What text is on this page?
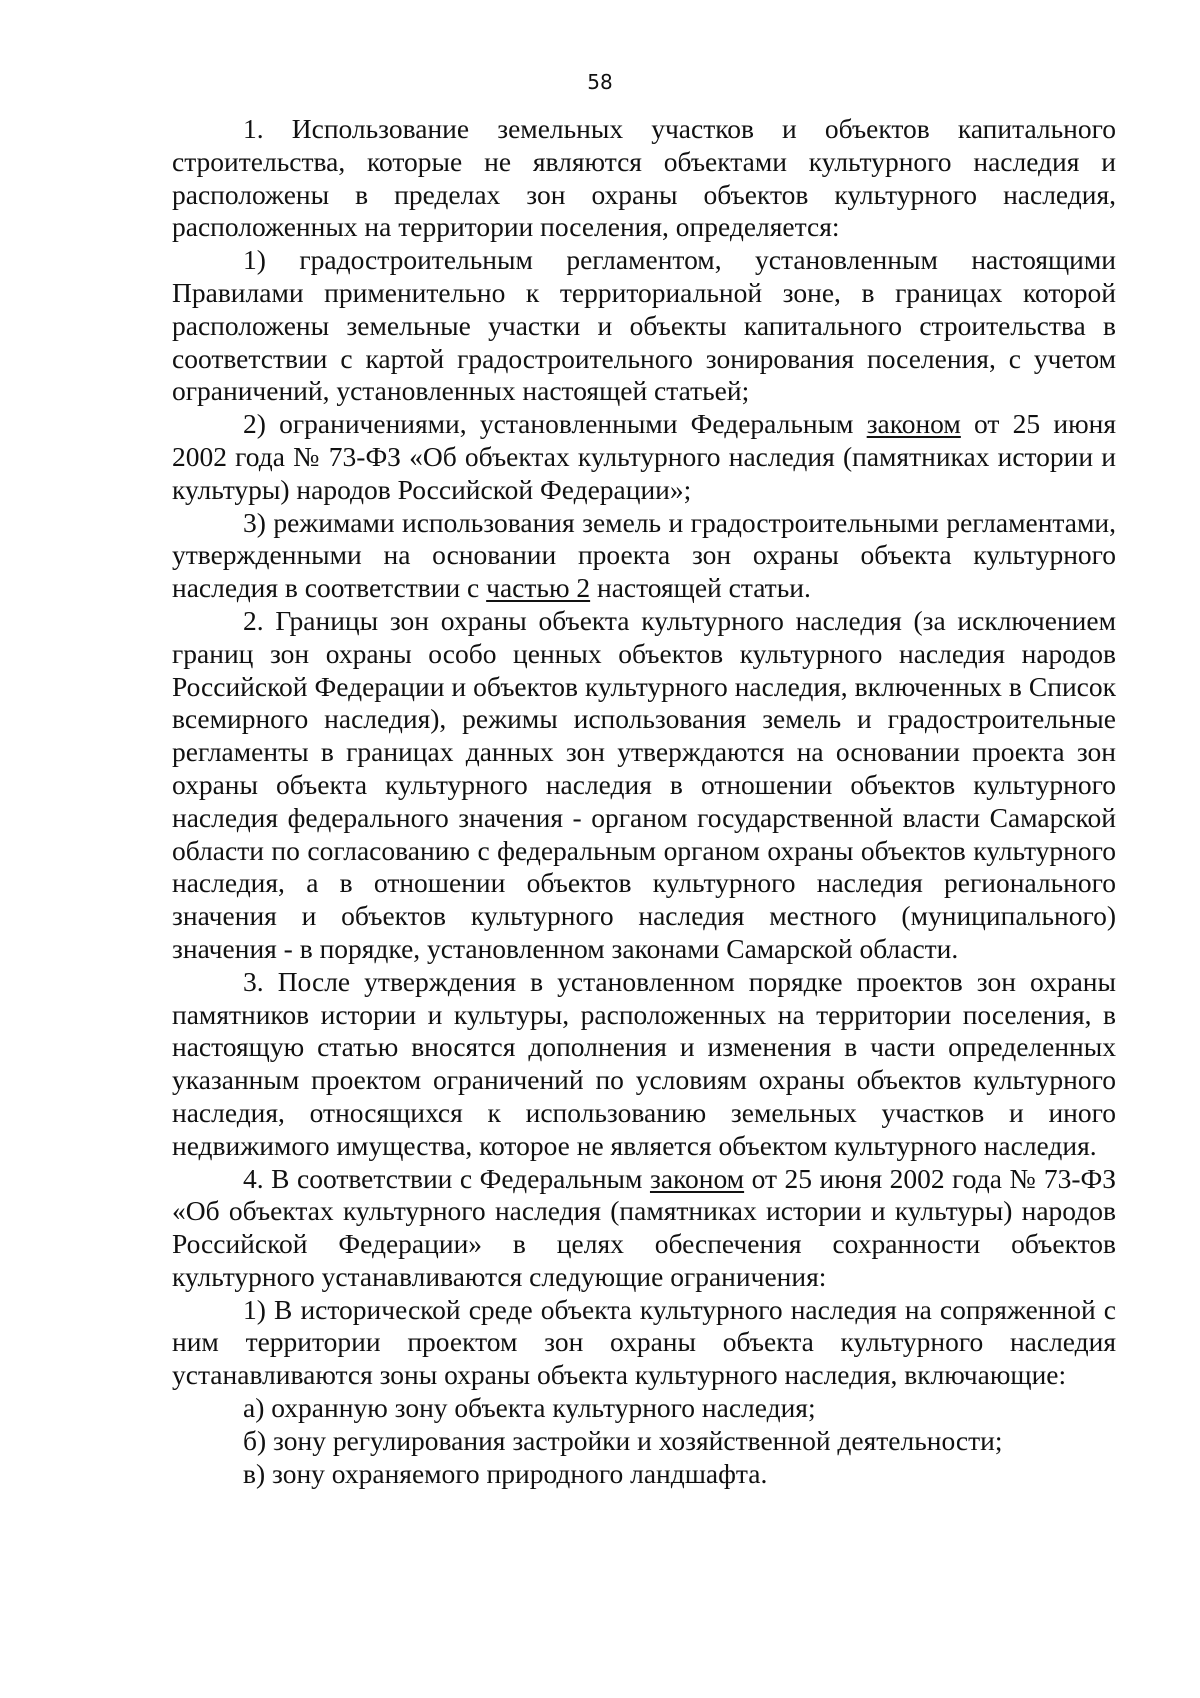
58

1. Использование земельных участков и объектов капитального строительства, которые не являются объектами культурного наследия и расположены в пределах зон охраны объектов культурного наследия, расположенных на территории поселения, определяется:

1) градостроительным регламентом, установленным настоящими Правилами применительно к территориальной зоне, в границах которой расположены земельные участки и объекты капитального строительства в соответствии с картой градостроительного зонирования поселения, с учетом ограничений, установленных настоящей статьей;

2) ограничениями, установленными Федеральным законом от 25 июня 2002 года № 73-ФЗ «Об объектах культурного наследия (памятниках истории и культуры) народов Российской Федерации»;

3) режимами использования земель и градостроительными регламентами, утвержденными на основании проекта зон охраны объекта культурного наследия в соответствии с частью 2 настоящей статьи.

2. Границы зон охраны объекта культурного наследия (за исключением границ зон охраны особо ценных объектов культурного наследия народов Российской Федерации и объектов культурного наследия, включенных в Список всемирного наследия), режимы использования земель и градостроительные регламенты в границах данных зон утверждаются на основании проекта зон охраны объекта культурного наследия в отношении объектов культурного наследия федерального значения - органом государственной власти Самарской области по согласованию с федеральным органом охраны объектов культурного наследия, а в отношении объектов культурного наследия регионального значения и объектов культурного наследия местного (муниципального) значения - в порядке, установленном законами Самарской области.

3. После утверждения в установленном порядке проектов зон охраны памятников истории и культуры, расположенных на территории поселения, в настоящую статью вносятся дополнения и изменения в части определенных указанным проектом ограничений по условиям охраны объектов культурного наследия, относящихся к использованию земельных участков и иного недвижимого имущества, которое не является объектом культурного наследия.

4. В соответствии с Федеральным законом от 25 июня 2002 года № 73-ФЗ «Об объектах культурного наследия (памятниках истории и культуры) народов Российской Федерации» в целях обеспечения сохранности объектов культурного устанавливаются следующие ограничения:

1) В исторической среде объекта культурного наследия на сопряженной с ним территории проектом зон охраны объекта культурного наследия устанавливаются зоны охраны объекта культурного наследия, включающие:

а) охранную зону объекта культурного наследия;

б) зону регулирования застройки и хозяйственной деятельности;

в) зону охраняемого природного ландшафта.
